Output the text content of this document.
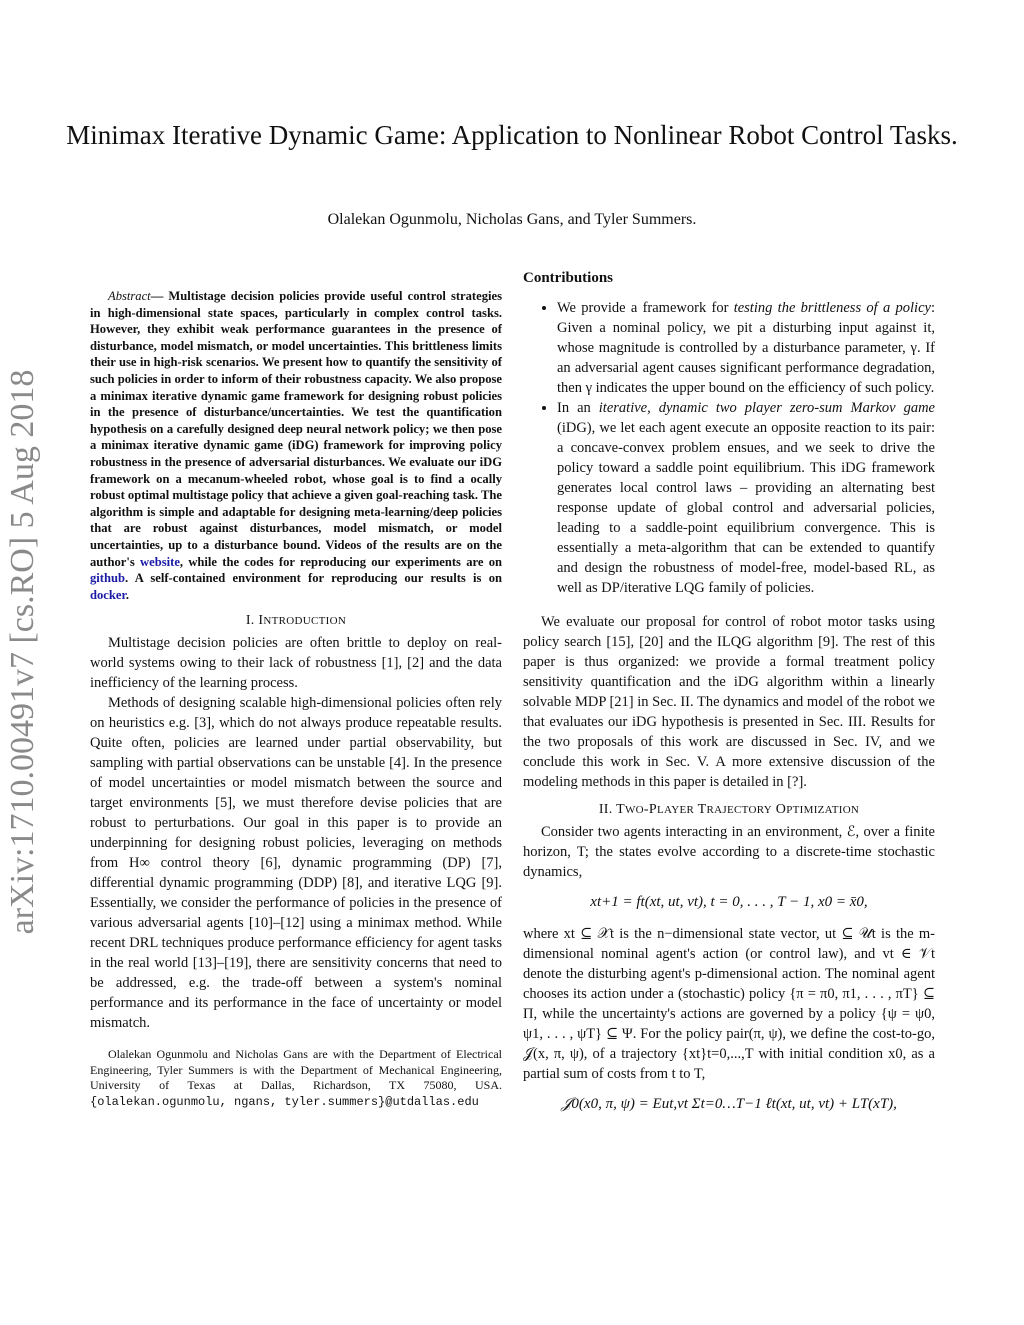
Minimax Iterative Dynamic Game: Application to Nonlinear Robot Control Tasks.
Olalekan Ogunmolu, Nicholas Gans, and Tyler Summers.
arXiv:1710.00491v7 [cs.RO] 5 Aug 2018

Abstract— Multistage decision policies provide useful control strategies in high-dimensional state spaces, particularly in complex control tasks. However, they exhibit weak performance guarantees in the presence of disturbance, model mismatch, or model uncertainties. This brittleness limits their use in high-risk scenarios. We present how to quantify the sensitivity of such policies in order to inform of their robustness capacity. We also propose a minimax iterative dynamic game framework for designing robust policies in the presence of disturbance/uncertainties. We test the quantification hypothesis on a carefully designed deep neural network policy; we then pose a minimax iterative dynamic game (iDG) framework for improving policy robustness in the presence of adversarial disturbances. We evaluate our iDG framework on a mecanum-wheeled robot, whose goal is to find a ocally robust optimal multistage policy that achieve a given goal-reaching task. The algorithm is simple and adaptable for designing meta-learning/deep policies that are robust against disturbances, model mismatch, or model uncertainties, up to a disturbance bound. Videos of the results are on the author's website, while the codes for reproducing our experiments are on github. A self-contained environment for reproducing our results is on docker.

I. INTRODUCTION

Multistage decision policies are often brittle to deploy on real-world systems owing to their lack of robustness [1], [2] and the data inefficiency of the learning process.

Methods of designing scalable high-dimensional policies often rely on heuristics e.g. [3], which do not always produce repeatable results. Quite often, policies are learned under partial observability, but sampling with partial observations can be unstable [4]. In the presence of model uncertainties or model mismatch between the source and target environments [5], we must therefore devise policies that are robust to perturbations. Our goal in this paper is to provide an underpinning for designing robust policies, leveraging on methods from H∞ control theory [6], dynamic programming (DP) [7], differential dynamic programming (DDP) [8], and iterative LQG [9]. Essentially, we consider the performance of policies in the presence of various adversarial agents [10]–[12] using a minimax method. While recent DRL techniques produce performance efficiency for agent tasks in the real world [13]–[19], there are sensitivity concerns that need to be addressed, e.g. the trade-off between a system's nominal performance and its performance in the face of uncertainty or model mismatch.

Olalekan Ogunmolu and Nicholas Gans are with the Department of Electrical Engineering, Tyler Summers is with the Department of Mechanical Engineering, University of Texas at Dallas, Richardson, TX 75080, USA. {olalekan.ogunmolu, ngans, tyler.summers}@utdallas.edu
Contributions
• We provide a framework for testing the brittleness of a policy: Given a nominal policy, we pit a disturbing input against it, whose magnitude is controlled by a disturbance parameter, γ. If an adversarial agent causes significant performance degradation, then γ indicates the upper bound on the efficiency of such policy.
• In an iterative, dynamic two player zero-sum Markov game (iDG), we let each agent execute an opposite reaction to its pair: a concave-convex problem ensues, and we seek to drive the policy toward a saddle point equilibrium. This iDG framework generates local control laws – providing an alternating best response update of global control and adversarial policies, leading to a saddle-point equilibrium convergence. This is essentially a meta-algorithm that can be extended to quantify and design the robustness of model-free, model-based RL, as well as DP/iterative LQG family of policies.

We evaluate our proposal for control of robot motor tasks using policy search [15], [20] and the ILQG algorithm [9]. The rest of this paper is thus organized: we provide a formal treatment policy sensitivity quantification and the iDG algorithm within a linearly solvable MDP [21] in Sec. II. The dynamics and model of the robot we that evaluates our iDG hypothesis is presented in Sec. III. Results for the two proposals of this work are discussed in Sec. IV, and we conclude this work in Sec. V. A more extensive discussion of the modeling methods in this paper is detailed in [?].

II. TWO-PLAYER TRAJECTORY OPTIMIZATION

Consider two agents interacting in an environment, ℰ, over a finite horizon, T; the states evolve according to a discrete-time stochastic dynamics,

xt+1 = ft(xt, ut, vt), t = 0, . . . , T − 1, x0 = x̄0,

where xt ⊆ 𝒳t is the n−dimensional state vector, ut ⊆ 𝒰t is the m-dimensional nominal agent's action (or control law), and vt ∈ 𝒱t denote the disturbing agent's p-dimensional action. The nominal agent chooses its action under a (stochastic) policy {π = π0, π1, . . . , πT} ⊆ Π, while the uncertainty's actions are governed by a policy {ψ = ψ0, ψ1, . . . , ψT} ⊆ Ψ. For the policy pair(π, ψ), we define the cost-to-go, 𝒥(x, π, ψ), of a trajectory {xt}t=0,...,T with initial condition x0, as a partial sum of costs from t to T,

𝒥0(x0, π, ψ) = Eut,vt Σt=0…T−1 ℓt(xt, ut, vt) + LT(xT),
